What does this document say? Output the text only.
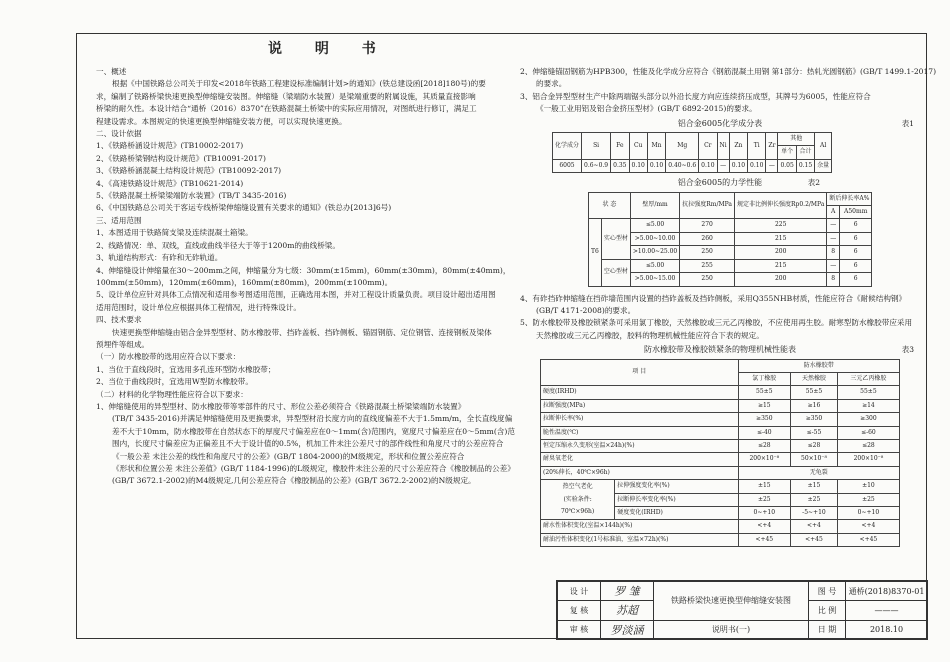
说 明 书

一、概述

根据《中国铁路总公司关于印发<2018年铁路工程建设标准编制计划>的通知》(铁总建设函[2018]180号)的要

求，编制了铁路桥梁快速更换型伸缩缝安装图。伸缩缝（梁端防水装置）是梁端重要的附属设施，其质量直接影响

桥梁的耐久性。本设计结合“通桥（2016）8370”在铁路混凝土桥梁中的实际应用情况，对图纸进行修订，满足工

程建设需求。本图规定的快速更换型伸缩缝安装方便，可以实现快速更换。

二、设计依据

1、《铁路桥涵设计规范》(TB10002-2017)

2、《铁路桥梁钢结构设计规范》(TB10091-2017)

3、《铁路桥涵混凝土结构设计规范》(TB10092-2017)

4、《高速铁路设计规范》(TB10621-2014)

5、《铁路混凝土桥梁梁端防水装置》(TB/T 3435-2016)

6、《中国铁路总公司关于客运专线桥梁伸缩缝设置有关要求的通知》(铁总办[2013]6号)

三、适用范围

1、本图适用于铁路简支梁及连续混凝土箱梁。

2、线路情况：单、双线，直线或曲线半径大于等于1200m的曲线桥梁。

3、轨道结构形式：有砟和无砟轨道。

4、伸缩缝设计伸缩量在30～200mm之间，伸缩量分为七级：30mm(±15mm)，60mm(±30mm)，80mm(±40mm)，

100mm(±50mm)，120mm(±60mm)，160mm(±80mm)，200mm(±100mm)。

5、设计单位应针对具体工点情况和适用参考图适用范围，正确选用本图，并对工程设计质量负责。项目设计超出适用图

适用范围时，设计单位应根据具体工程情况，进行特殊设计。

四、技术要求

快速更换型伸缩缝由铝合金异型型材、防水橡胶带、挡砟盖板、挡砟侧板、锚固钢筋、定位钢管、连接钢板及梁体

预埋件等组成。

（一）防水橡胶带的选用应符合以下要求：

1、当位于直线段时，宜选用多孔连环型防水橡胶带；

2、当位于曲线段时，宜选用W型防水橡胶带。

（二）材料的化学物理性能应符合以下要求：

1、伸缩缝使用的异型型材、防水橡胶带等零部件的尺寸、形位公差必须符合《铁路混凝土桥梁梁端防水装置》

(TB/T 3435-2016)并满足伸缩缝使用及更换要求，异型型材沿长度方向的直线度偏差不大于1.5mm/m，全长直线度偏

差不大于10mm，防水橡胶带在自然状态下的厚度尺寸偏差应在0～1mm(含)范围内，宽度尺寸偏差应在0～5mm(含)范

围内，长度尺寸偏差应为正偏差且不大于设计值的0.5%，机加工件未注公差尺寸的部件线性和角度尺寸的公差应符合

《一般公差 未注公差的线性和角度尺寸的公差》(GB/T 1804-2000)的M级规定，形状和位置公差应符合

《形状和位置公差 未注公差值》(GB/T 1184-1996)的L级规定，橡胶件未注公差的尺寸公差应符合《橡胶制品的公差》

(GB/T 3672.1-2002)的M4级规定,几何公差应符合《橡胶制品的公差》(GB/T 3672.2-2002)的N级规定。

2、伸缩缝锚固钢筋为HPB300，性能及化学成分应符合《钢筋混凝土用钢 第1部分：热轧光圆钢筋》(GB/T 1499.1-2017)

的要求。

3、铝合金异型型材生产中除两端锯头部分以外沿长度方向应连续挤压成型，其牌号为6005，性能应符合

《一般工业用铝及铝合金挤压型材》(GB/T 6892-2015)的要求。

铝合金6005化学成分表	表1
化学成分	Si	Fe	Cu	Mn	Mg	Cr	Ni	Zn	Ti	Zr	其他		Al
											单个	合计	
6005	0.6~0.9	0.35	0.10	0.10	0.40~0.6	0.10	—	0.10	0.10	—	0.05	0.15	余量
铝合金6005的力学性能	表2
状 态		壁厚/mm	抗拉强度Rm/MPa	规定非比例伸长强度Rp0.2/MPa	断后伸长率A%	
					A	A50mm
T6	实心型材	≤5.00	270	225	—	6
		>5.00~10.00	260	215	—	6
		>10.00~25.00	250	200	8	6
	空心型材	≤5.00	255	215	—	6
		>5.00~15.00	250	200	8	6

4、有砟挡砟伸缩缝在挡砟墙范围内设置的挡砟盖板及挡砟侧板，采用Q355NHB材质，性能应符合《耐候结构钢》

(GB/T 4171-2008)的要求。

5、防水橡胶带及橡胶锁紧条可采用氯丁橡胶，天然橡胶或三元乙丙橡胶，不应使用再生胶。耐寒型防水橡胶带应采用

天然橡胶或三元乙丙橡胶，胶料的物理机械性能应符合下表的规定。

防水橡胶带及橡胶锁紧条的物理机械性能表	表3
项 目		防水橡胶带		
		氯丁橡胶	天然橡胶	三元乙丙橡胶
硬度(IRHD)		55±5	55±5	55±5
拉断强度(MPa)		≥15	≥16	≥14
拉断伸长率(%)		≥350	≥350	≥300
脆性温度(℃)		≤-40	≤-55	≤-60
恒定压缩永久变形(室温×24h)(%)		≤28	≤28	≤28
耐臭氧老化		200×10⁻⁸	50×10⁻⁸	200×10⁻⁸
(20%伸长，40℃×96h)		无龟裂		

热空气老化
(实验条件:
70℃×96h)	拉伸强度变化率(%)	±15	±15	±10
	拉断伸长率变化率(%)	±25	±25	±25
	硬度变化(IRHD)	0~+10	-5~+10	0~+10
耐水性体积变化(室温×144h)(%)		<+4	<+4	<+4
耐油污性体积变化(1号标准油，室温×72h)(%)		<+45	<+45	<+45
设 计	罗 雏	铁路桥梁快速更换型伸缩缝安装图	图 号	通桥(2018)8370-01
复 核	苏超		比 例	———
审 核	罗淡涵	说明书(一)	日 期	2018.10
